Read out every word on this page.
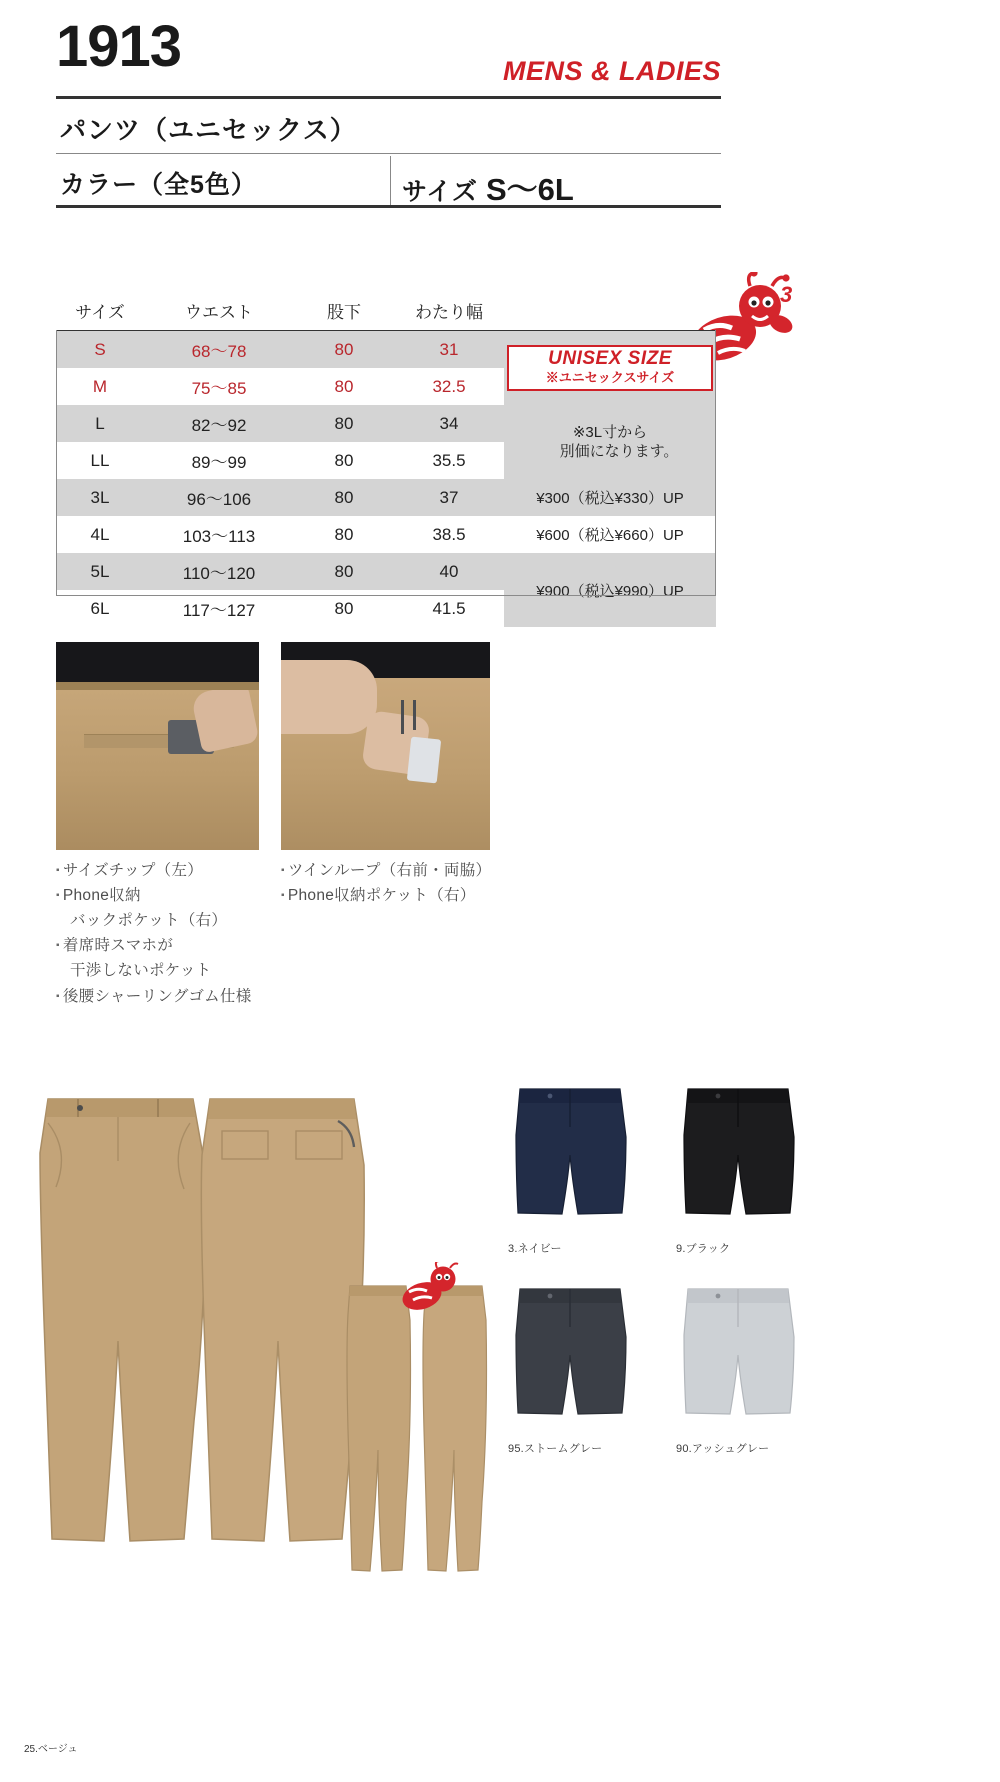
1913	MENS & LADIES
パンツ（ユニセックス）
カラー（全5色）	サイズ S〜6L
3
サイズ	ウエスト	股下	わたり幅	
S	68〜78	80	31	UNISEX SIZE
※ユニセックスサイズ

M	75〜85	80	32.5	
L	82〜92	80	34	※3L寸から
別価になります。

LL	89〜99	80	35.5	
3L	96〜106	80	37	¥300（税込¥330）UP
4L	103〜113	80	38.5	¥600（税込¥660）UP
5L	110〜120	80	40	¥900（税込¥990）UP
6L	117〜127	80	41.5	
▪ サイズチップ（左）
▪ Phone収納
バックポケット（右）
▪ 着席時スマホが
干渉しないポケット
▪ 後腰シャーリングゴム仕様
▪ ツインループ（右前・両脇）
▪ Phone収納ポケット（右）
3.ネイビー	9.ブラック
95.ストームグレー	90.アッシュグレー
25.ベージュ
